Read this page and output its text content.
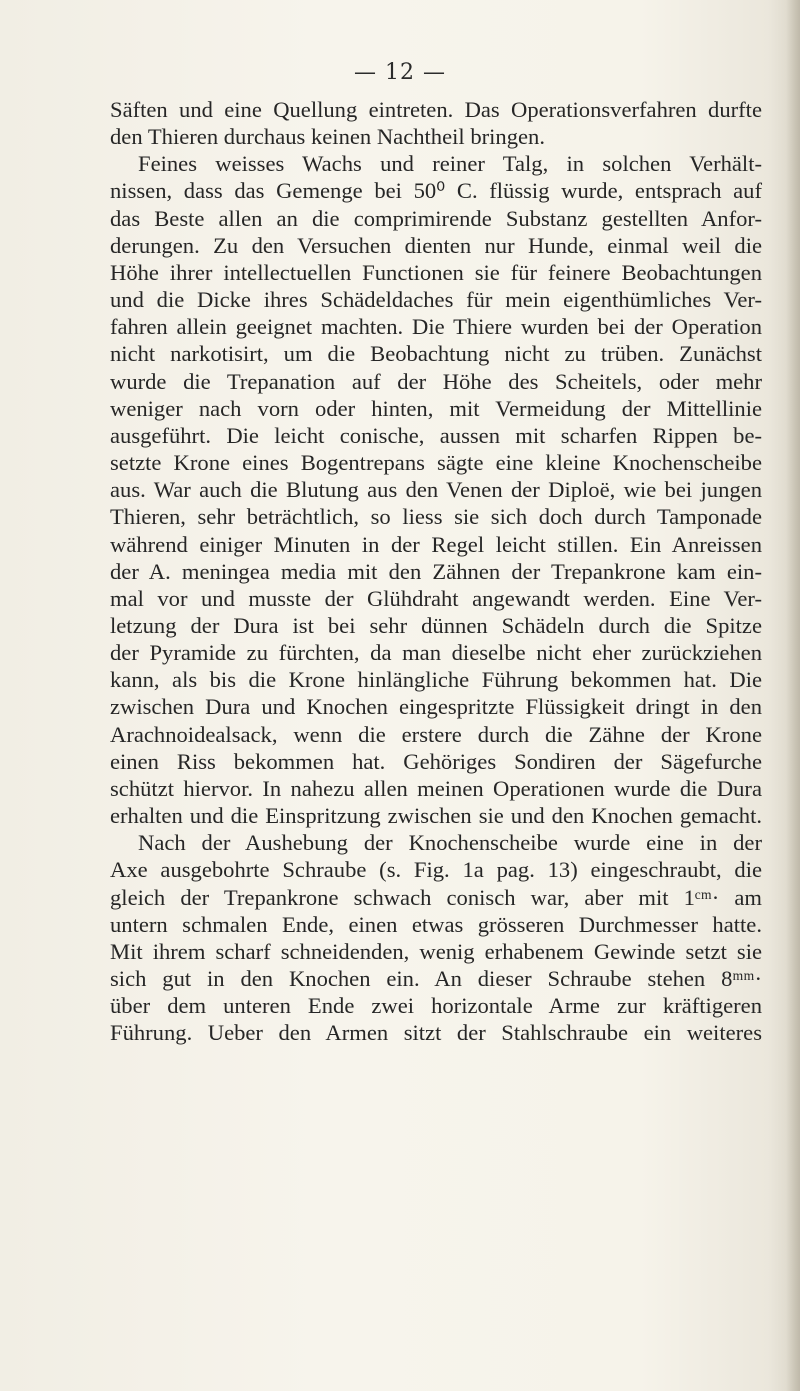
— 12 —
Säften und eine Quellung eintreten. Das Operationsverfahren durfte
den Thieren durchaus keinen Nachtheil bringen.
Feines weisses Wachs und reiner Talg, in solchen Verhält-
nissen, dass das Gemenge bei 50⁰ C. flüssig wurde, entsprach auf
das Beste allen an die comprimirende Substanz gestellten Anfor-
derungen. Zu den Versuchen dienten nur Hunde, einmal weil die
Höhe ihrer intellectuellen Functionen sie für feinere Beobachtungen
und die Dicke ihres Schädeldaches für mein eigenthümliches Ver-
fahren allein geeignet machten. Die Thiere wurden bei der Operation
nicht narkotisirt, um die Beobachtung nicht zu trüben. Zunächst
wurde die Trepanation auf der Höhe des Scheitels, oder mehr
weniger nach vorn oder hinten, mit Vermeidung der Mittellinie
ausgeführt. Die leicht conische, aussen mit scharfen Rippen be-
setzte Krone eines Bogentrepans sägte eine kleine Knochenscheibe
aus. War auch die Blutung aus den Venen der Diploë, wie bei jungen
Thieren, sehr beträchtlich, so liess sie sich doch durch Tamponade
während einiger Minuten in der Regel leicht stillen. Ein Anreissen
der A. meningea media mit den Zähnen der Trepankrone kam ein-
mal vor und musste der Glühdraht angewandt werden. Eine Ver-
letzung der Dura ist bei sehr dünnen Schädeln durch die Spitze
der Pyramide zu fürchten, da man dieselbe nicht eher zurückziehen
kann, als bis die Krone hinlängliche Führung bekommen hat. Die
zwischen Dura und Knochen eingespritzte Flüssigkeit dringt in den
Arachnoidealsack, wenn die erstere durch die Zähne der Krone
einen Riss bekommen hat. Gehöriges Sondiren der Sägefurche
schützt hiervor. In nahezu allen meinen Operationen wurde die Dura
erhalten und die Einspritzung zwischen sie und den Knochen gemacht.
Nach der Aushebung der Knochenscheibe wurde eine in der
Axe ausgebohrte Schraube (s. Fig. 1a pag. 13) eingeschraubt, die
gleich der Trepankrone schwach conisch war, aber mit 1ᶜᵐ· am
untern schmalen Ende, einen etwas grösseren Durchmesser hatte.
Mit ihrem scharf schneidenden, wenig erhabenem Gewinde setzt sie
sich gut in den Knochen ein. An dieser Schraube stehen 8ᵐᵐ·
über dem unteren Ende zwei horizontale Arme zur kräftigeren
Führung. Ueber den Armen sitzt der Stahlschraube ein weiteres
